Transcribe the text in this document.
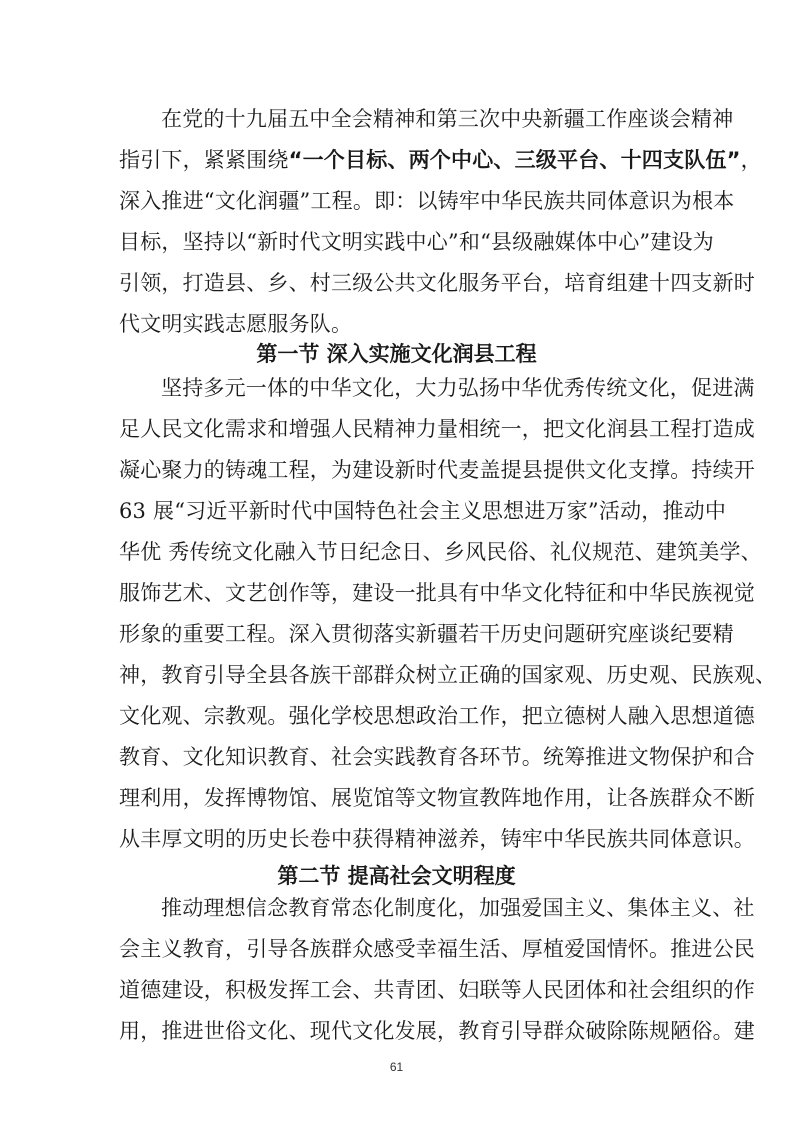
在党的十九届五中全会精神和第三次中央新疆工作座谈会精神
指引下，紧紧围绕“一个目标、两个中心、三级平台、十四支队伍”，
深入推进“文化润疆”工程。即：以铸牢中华民族共同体意识为根本
目标，坚持以“新时代文明实践中心”和“县级融媒体中心”建设为
引领，打造县、乡、村三级公共文化服务平台，培育组建十四支新时
代文明实践志愿服务队。
第一节 深入实施文化润县工程
坚持多元一体的中华文化，大力弘扬中华优秀传统文化，促进满
足人民文化需求和增强人民精神力量相统一，把文化润县工程打造成
凝心聚力的铸魂工程，为建设新时代麦盖提县提供文化支撑。持续开
63 展“习近平新时代中国特色社会主义思想进万家”活动，推动中
华优 秀传统文化融入节日纪念日、乡风民俗、礼仪规范、建筑美学、
服饰艺术、文艺创作等，建设一批具有中华文化特征和中华民族视觉
形象的重要工程。深入贯彻落实新疆若干历史问题研究座谈纪要精
神，教育引导全县各族干部群众树立正确的国家观、历史观、民族观、
文化观、宗教观。强化学校思想政治工作，把立德树人融入思想道德
教育、文化知识教育、社会实践教育各环节。统筹推进文物保护和合
理利用，发挥博物馆、展览馆等文物宣教阵地作用，让各族群众不断
从丰厚文明的历史长卷中获得精神滋养，铸牢中华民族共同体意识。
第二节 提高社会文明程度
推动理想信念教育常态化制度化，加强爱国主义、集体主义、社
会主义教育，引导各族群众感受幸福生活、厚植爱国情怀。推进公民
道德建设，积极发挥工会、共青团、妇联等人民团体和社会组织的作
用，推进世俗文化、现代文化发展，教育引导群众破除陈规陋俗。建
61
